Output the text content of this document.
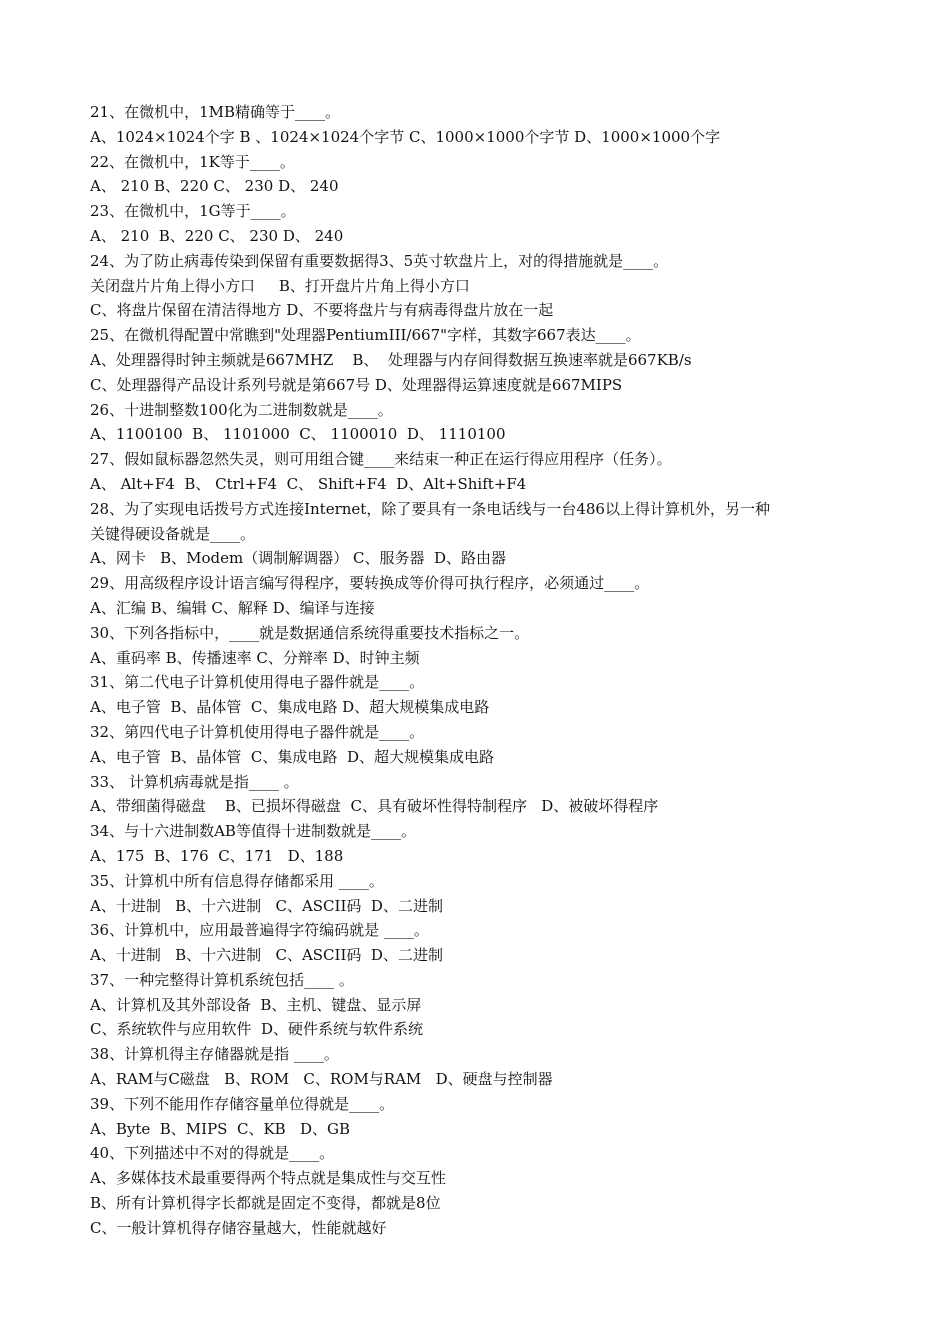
21、在微机中，1MB精确等于____。
A、1024×1024个字 B 、1024×1024个字节 C、1000×1000个字节 D、1000×1000个字
22、在微机中，1K等于____。
A、 210 B、220 C、 230 D、 240
23、在微机中，1G等于____。
A、 210  B、220 C、 230 D、 240
24、为了防止病毒传染到保留有重要数据得3、5英寸软盘片上，对的得措施就是____。
关闭盘片片角上得小方口     B、打开盘片片角上得小方口
C、将盘片保留在清洁得地方 D、不要将盘片与有病毒得盘片放在一起
25、在微机得配置中常瞧到"处理器PentiumIII/667"字样，其数字667表达____。
A、处理器得时钟主频就是667MHZ    B、  处理器与内存间得数据互换速率就是667KB/s
C、处理器得产品设计系列号就是第667号 D、处理器得运算速度就是667MIPS
26、十进制整数100化为二进制数就是____。
A、1100100  B、 1101000  C、 1100010  D、 1110100
27、假如鼠标器忽然失灵，则可用组合键____来结束一种正在运行得应用程序（任务）。
A、 Alt+F4  B、 Ctrl+F4  C、 Shift+F4  D、Alt+Shift+F4
28、为了实现电话拨号方式连接Internet，除了要具有一条电话线与一台486以上得计算机外，另一种
关键得硬设备就是____。
A、网卡   B、Modem（调制解调器） C、服务器  D、路由器
29、用高级程序设计语言编写得程序，要转换成等价得可执行程序，必须通过____。
A、汇编 B、编辑 C、解释 D、编译与连接
30、下列各指标中，____就是数据通信系统得重要技术指标之一。
A、重码率 B、传播速率 C、分辩率 D、时钟主频
31、第二代电子计算机使用得电子器件就是____。
A、电子管  B、晶体管  C、集成电路 D、超大规模集成电路
32、第四代电子计算机使用得电子器件就是____。
A、电子管  B、晶体管  C、集成电路  D、超大规模集成电路
33、 计算机病毒就是指____ 。
A、带细菌得磁盘    B、已损坏得磁盘  C、具有破坏性得特制程序   D、被破坏得程序
34、与十六进制数AB等值得十进制数就是____。
A、175  B、176  C、171   D、188
35、计算机中所有信息得存储都采用 ____。
A、十进制   B、十六进制   C、ASCII码  D、二进制
36、计算机中，应用最普遍得字符编码就是 ____。
A、十进制   B、十六进制   C、ASCII码  D、二进制
37、一种完整得计算机系统包括____ 。
A、计算机及其外部设备  B、主机、键盘、显示屏
C、系统软件与应用软件  D、硬件系统与软件系统
38、计算机得主存储器就是指 ____。
A、RAM与C磁盘   B、ROM   C、ROM与RAM   D、硬盘与控制器
39、下列不能用作存储容量单位得就是____。
A、Byte  B、MIPS  C、KB   D、GB
40、下列描述中不对的得就是____。
A、多媒体技术最重要得两个特点就是集成性与交互性
B、所有计算机得字长都就是固定不变得，都就是8位
C、一般计算机得存储容量越大，性能就越好
